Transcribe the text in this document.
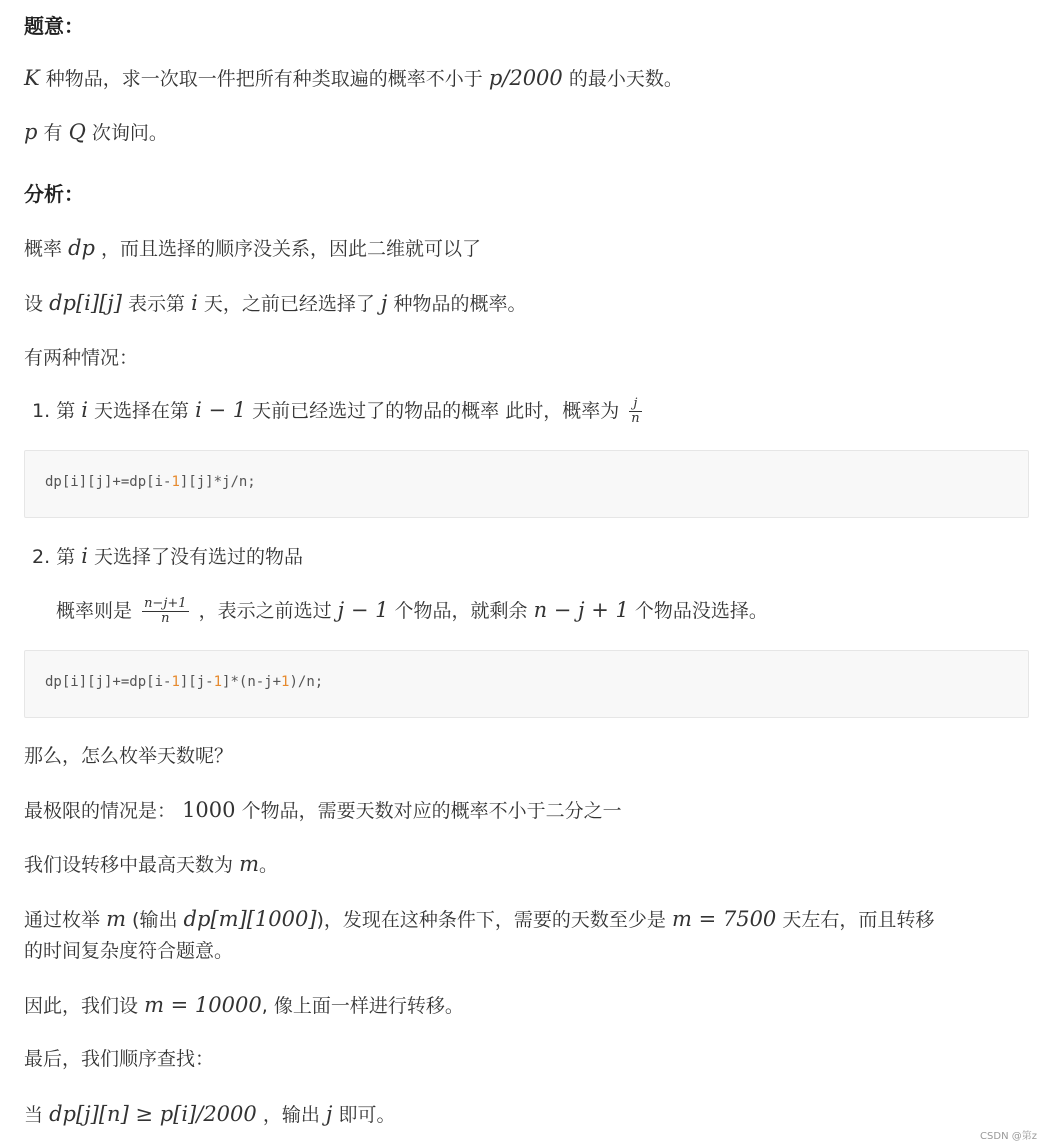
题意：
K 种物品，求一次取一件把所有种类取遍的概率不小于 p/2000 的最小天数。
p 有 Q 次询问。
分析：
概率 dp ，而且选择的顺序没关系，因此二维就可以了
设 dp[i][j] 表示第 i 天，之前已经选择了 j 种物品的概率。
有两种情况：
1. 第 i 天选择在第 i − 1 天前已经选过了的物品的概率 此时，概率为 $\frac{j}{n}$
dp[i][j]+=dp[i-1][j]*j/n;
2. 第 i 天选择了没有选过的物品
概率则是 $\frac{n-j+1}{n}$ ，表示之前选过 j − 1 个物品，就剩余 n − j + 1 个物品没选择。
dp[i][j]+=dp[i-1][j-1]*(n-j+1)/n;
那么，怎么枚举天数呢？
最极限的情况是： 1000 个物品，需要天数对应的概率不小于二分之一
我们设转移中最高天数为 m。
通过枚举 m (输出 dp[m][1000])，发现在这种条件下，需要的天数至少是 m = 7500 天左右，而且转移
的时间复杂度符合题意。
因此，我们设 m = 10000, 像上面一样进行转移。
最后，我们顺序查找：
当 dp[j][n] ≥ p[i]/2000 ，输出 j 即可。
CSDN @第z
